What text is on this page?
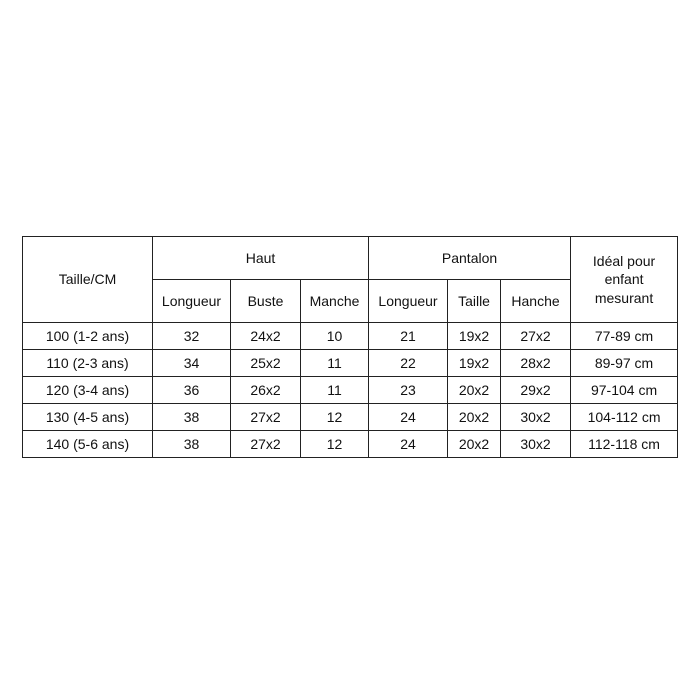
Taille/CM	Haut			Pantalon			Idéal pour
enfant
mesurant

	Longueur	Buste	Manche	Longueur	Taille	Hanche	
100 (1-2 ans)	32	24x2	10	21	19x2	27x2	77-89 cm
110 (2-3 ans)	34	25x2	11	22	19x2	28x2	89-97 cm
120 (3-4 ans)	36	26x2	11	23	20x2	29x2	97-104 cm
130 (4-5 ans)	38	27x2	12	24	20x2	30x2	104-112 cm
140 (5-6 ans)	38	27x2	12	24	20x2	30x2	112-118 cm
